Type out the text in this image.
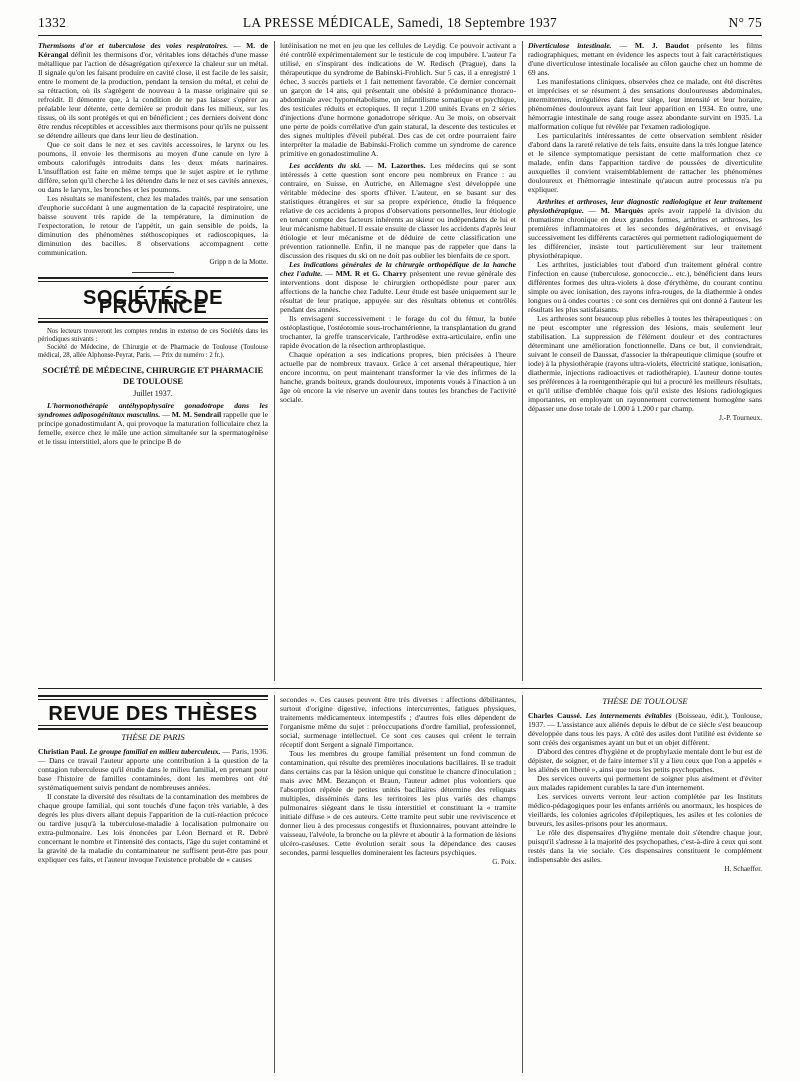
1332	LA PRESSE MÉDICALE, Samedi, 18 Septembre 1937	N° 75

Thermisons d'or et tuberculose des voies respiratoires. — M. de Kérangal définit les thermisons d'or, véritables ions détachés d'une masse métallique par l'action de désagrégation qu'exerce la chaleur sur un métal. Il signale qu'on les faisant produire en cavité close, il est facile de les saisir, entre le moment de la production, pendant la tension du métal, et celui de sa rétraction, où ils s'agrègent de nouveau à la masse originaire qui se refroidit. Il démontre que, à la condition de ne pas laisser s'opérer au préalable leur détente, cette dernière se produit dans les milieux, sur les tissus, où ils sont protégés et qui en bénéficient ; ces derniers doivent donc être rendus réceptibles et accessibles aux thermisons pour qu'ils ne puissent se détendre ailleurs que dans leur lieu de destination.

Que ce soit dans le nez et ses cavités accessoires, le larynx ou les poumons, il envoie les thermisons au moyen d'une canule en lyre à embouts calorifugés introduits dans les deux méats narinaires. L'insufflation est faite en même temps que le sujet aspire et le rythme diffère, selon qu'il cherche à les détendre dans le nez et ses cavités annexes, ou dans le larynx, les bronches et les poumons.

Les résultats se manifestent, chez les malades traités, par une sensation d'euphorie succédant à une augmentation de la capacité respiratoire, une baisse souvent très rapide de la température, la diminution de l'expectoration, le retour de l'appétit, un gain sensible de poids, la diminution des phénomènes stéthoscopiques et radioscopiques, la diminution des bacilles. 8 observations accompagnent cette communication.

Gripp n de la Motte.
SOCIÉTÉS DE PROVINCE

Nos lecteurs trouveront les comptes rendus in extenso de ces Sociétés dans les périodiques suivants :

Société de Médecine, de Chirurgie et de Pharmacie de Toulouse (Toulouse médical, 28, allée Alphonse-Peyrat, Paris. — Prix du numéro : 2 fr.).

SOCIÉTÉ DE MÉDECINE, CHIRURGIE ET PHARMACIE DE TOULOUSE
Juillet 1937.

L'hormonothérapie antéhypophysaire gonadotrope dans les syndromes adiposogénitaux masculins. — M. M. Sendrail rappelle que le principe gonadostimulant A, qui provoque la maturation folliculaire chez la femelle, exerce chez le mâle une action simultanée sur la spermatogénèse et le tissu interstitiel, alors que le principe B de

lutéinisation ne met en jeu que les cellules de Leydig. Ce pouvoir activant a été contrôlé expérimentalement sur le testicule de coq impubère. L'auteur l'a utilisé, en s'inspirant des indications de W. Redisch (Prague), dans la thérapeutique du syndrome de Babinski-Frohlich. Sur 5 cas, il a enregistré 1 échec, 3 succès partiels et 1 fait nettement favorable. Ce dernier concernait un garçon de 14 ans, qui présentait une obésité à prédominance thoraco-abdominale avec hypométabolisme, un infantilisme somatique et psychique, des testicules réduits et ectopiques. Il reçut 1.200 unités Evans en 2 séries d'injections d'une hormone gonadotrope sérique. Au 3e mois, on observait une perte de poids corrélative d'un gain statural, la descente des testicules et des signes multiples d'éveil pubéral. Des cas de cet ordre pourraient faire interpréter la maladie de Babinski-Frolich comme un syndrome de carence primitive en gonadostimuline A.

Les accidents du ski. — M. Lazorthes. Les médecins qui se sont intéressés à cette question sont encore peu nombreux en France : au contraire, en Suisse, en Autriche, en Allemagne s'est développée une véritable médecine des sports d'hiver. L'auteur, en se basant sur des statistiques étrangères et sur sa propre expérience, étudie la fréquence relative de ces accidents à propos d'observations personnelles, leur étiologie en tenant compte des facteurs inhérents au skieur ou indépendants de lui et leur mécanisme habituel. Il essaie ensuite de classer les accidents d'après leur étiologie et leur mécanisme et de déduire de cette classification une prévention rationnelle. Enfin, il ne manque pas de rappeler que dans la discussion des risques du ski on ne doit pas oublier les bienfaits de ce sport.

Les indications générales de la chirurgie orthopédique de la hanche chez l'adulte. — MM. R et G. Charry présentent une revue générale des interventions dont dispose le chirurgien orthopédiste pour parer aux affections de la hanche chez l'adulte. Leur étude est basée uniquement sur le résultat de leur pratique, appuyée sur des résultats obtenus et contrôlés pendant des années.

Ils envisagent successivement : le forage du col du fémur, la butée ostéoplastique, l'ostéotomie sous-trochantérienne, la transplantation du grand trochanter, la greffe transcervicale, l'arthrodèse extra-articulaire, enfin une rapide évocation de la résection arthroplastique.

Chaque opération a ses indications propres, bien précisées à l'heure actuelle par de nombreux travaux. Grâce à cet arsenal thérapeutique, hier encore inconnu, on peut maintenant transformer la vie des infirmes de la hanche, grands boiteux, grands douloureux, impotents voués à l'inaction à un âge où encore la vie réserve un avenir dans toutes les branches de l'activité sociale.

Diverticulose intestinale. — M. J. Baudot présente les films radiographiques, mettant en évidence les aspects tout à fait caractéristiques d'une diverticulose intestinale localisée au côlon gauche chez un homme de 69 ans.

Les manifestations cliniques, observées chez ce malade, ont été discrètes et imprécises et se résument à des sensations douloureuses abdominales, intermittentes, irrégulières dans leur siège, leur intensité et leur horaire, phénomènes douloureux ayant fait leur apparition en 1934. En outre, une hémorragie intestinale de sang rouge assez abondante survint en 1935. La malformation colique fut révélée par l'examen radiologique.

Les particularités intéressantes de cette observation semblent résider d'abord dans la rareté relative de tels faits, ensuite dans la très longue latence et le silence symptomatique persistant de cette malformation chez ce malade, enfin dans l'apparition tardive de poussées de diverticulite auxquelles il convient vraisemblablement de rattacher les phénomènes douloureux et l'hémorragie intestinale qu'aucun autre processus n'a pu expliquer.

Arthrites et arthroses, leur diagnostic radiologique et leur traitement physiothérapique. — M. Marquès après avoir rappelé la division du rhumatisme chronique en deux grandes formes, arthrites et arthroses, les premières inflammatoires et les secondes dégénératives, et envisagé successivement les différents caractères qui permettent radiologiquement de les différencier, insiste tout particulièrement sur leur traitement physiothérapique.

Les arthrites, justiciables tout d'abord d'un traitement général contre l'infection en cause (tuberculose, gonococcie... etc.), bénéficient dans leurs différentes formes des ultra-violets à dose d'érythème, du courant continu simple ou avec ionisation, des rayons infra-rouges, de la diathermie à ondes longues ou à ondes courtes : ce sont ces dernières qui ont donné à l'auteur les résultats les plus satisfaisants.

Les arthroses sont beaucoup plus rebelles à toutes les thérapeutiques : on ne peut escompter une régression des lésions, mais seulement leur stabilisation. La suppression de l'élément douleur et des contractures déterminant une amélioration fonctionnelle. Dans ce but, il conviendrait, suivant le conseil de Daussat, d'associer la thérapeutique climique (soufre et iode) à la physiothérapie (rayons ultra-violets, électricité statique, ionisation, diathermie, injections radioactives et radiothérapie). L'auteur donne toutes ses préférences à la roentgenthérapie qui lui a procuré les meilleurs résultats, et qu'il utilise d'emblée chaque fois qu'il existe des lésions radiologiques importantes, en employant un rayonnement correctement homogène sans dépasser une dose totale de 1.000 à 1.200 r par champ.

J.-P. Tourneux.
REVUE DES THÈSES
THÈSE DE PARIS

Christian Paul. Le groupe familial en milieu tuberculeux. — Paris, 1936. — Dans ce travail l'auteur apporte une contribution à la question de la contagion tuberculeuse qu'il étudie dans le milieu familial, en prenant pour base l'histoire de familles contaminées, dont les membres ont été systématiquement suivis pendant de nombreuses années.

Il constate la diversité des résultats de la contamination des membres de chaque groupe familial, qui sont touchés d'une façon très variable, à des degrés les plus divers allant depuis l'apparition de la cuti-réaction précoce ou tardive jusqu'à la tuberculose-maladie à localisation pulmonaire ou extra-pulmonaire. Les lois énoncées par Léon Bernard et R. Debré concernant le nombre et l'intensité des contacts, l'âge du sujet contaminé et la gravité de la maladie du contaminateur ne suffisent peut-être pas pour expliquer ces faits, et l'auteur invoque l'existence probable de « causes

secondes ». Ces causes peuvent être très diverses : affections débilitantes, surtout d'origine digestive, infections intercurrentes, fatigues physiques, traitements médicamenteux intempestifs ; d'autres fois elles dépendent de l'organisme même du sujet : préoccupations d'ordre familial, professionnel, social, surmenage intellectuel. Ce sont ces causes qui créent le terrain réceptif dont Sergent a signalé l'importance.

Tous les membres du groupe familial présentent un fond commun de contamination, qui résulte des premières inoculations bacillaires. Il se traduit dans certains cas par la lésion unique qui constitue le chancre d'inoculation ; mais avec MM. Bezançon et Braun, l'auteur admet plus volontiers que l'absorption répétée de petites unités bacillaires détermine des reliquats multiples, disséminés dans les territoires les plus variés des champs pulmonaires siégeant dans le tissu interstitiel et constituant la « tramite initiale diffuse » de ces auteurs. Cette tramite peut subir une reviviscence et donner lieu à des processus congestifs et fluxionnaires, pouvant atteindre le vaisseau, l'alvéole, la bronche ou la plèvre et aboutir à la formation de lésions ulcéro-caséuses. Cette évolution serait sous la dépendance des causes secondes, parmi lesquelles domineraient les facteurs psychiques.

G. Poix.
THÈSE DE TOULOUSE

Charles Caussé. Les internements évitables (Boisseau, édit.), Toulouse, 1937. — L'assistance aux aliénés depuis le début de ce siècle s'est beaucoup développée dans tous les pays. A côté des asiles dont l'utilité est évidente se sont créés des organismes ayant un but et un objet différent.

D'abord des centres d'hygiène et de prophylaxie mentale dont le but est de dépister, de soigner, et de faire interner s'il y a lieu ceux que l'on a appelés « les aliénés en liberté », ainsi que tous les petits psychopathes.

Des services ouverts qui permettent de soigner plus aisément et d'éviter aux malades rapidement curables la tare d'un internement.

Les services ouverts verront leur action complétée par les Instituts médico-pédagogiques pour les enfants arriérés ou anormaux, les hospices de vieillards, les colonies agricoles d'épileptiques, les asiles et les colonies de buveurs, les asiles-prisons pour les anormaux.

Le rôle des dispensaires d'hygiène mentale doit s'étendre chaque jour, puisqu'il s'adresse à la majorité des psychopathes, c'est-à-dire à ceux qui sont restés dans la vie sociale. Ces dispensaires constituent le complément indispensable des asiles.

H. Schaeffer.
